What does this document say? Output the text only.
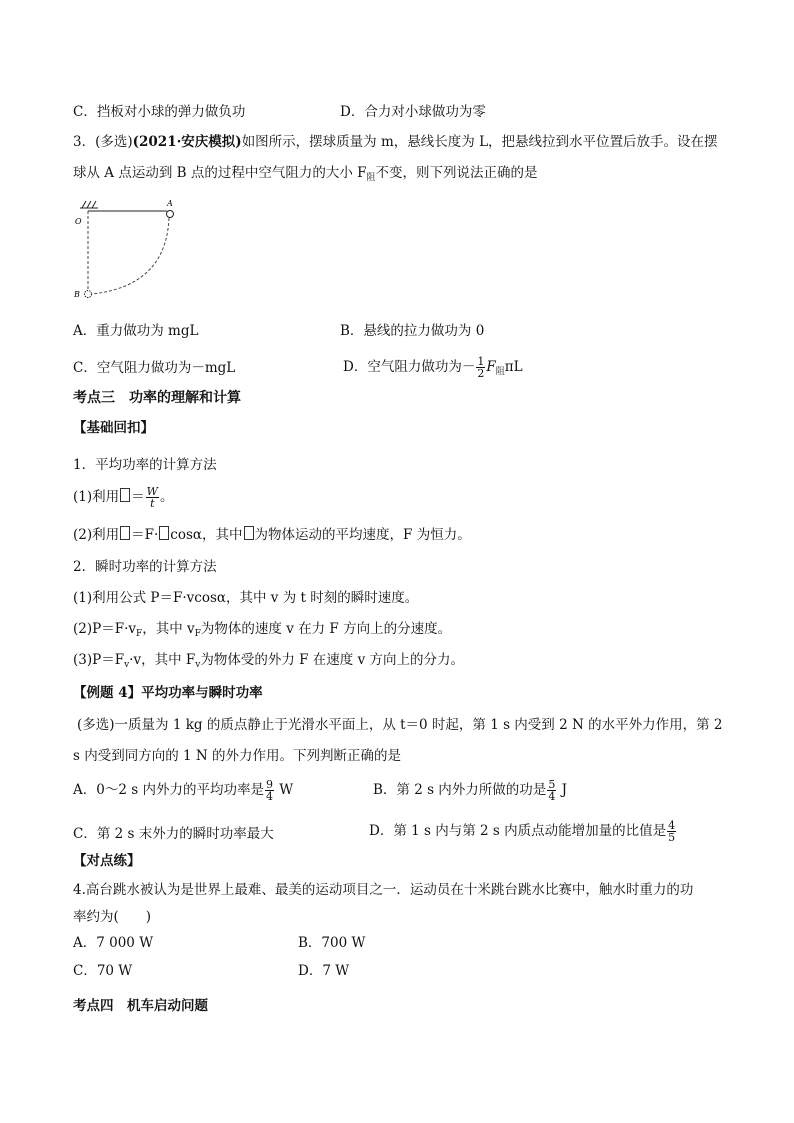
C．挡板对小球的弹力做负功	D．合力对小球做功为零
3．(多选)(2021·安庆模拟)如图所示，摆球质量为 m，悬线长度为 L，把悬线拉到水平位置后放手。设在摆
球从 A 点运动到 B 点的过程中空气阻力的大小 $F_阻$不变，则下列说法正确的是
O
A
B
A．重力做功为 mgL	B．悬线的拉力做功为 0
C．空气阻力做功为－mgL	D．空气阻力做功为－ $\frac{1}{2} F_阻\pi L$
考点三　功率的理解和计算
【基础回扣】
1．平均功率的计算方法
(1)利用 ＝ $\frac{W}{t}$ 。
(2)利用 ＝F· cosα，其中 为物体运动的平均速度，F 为恒力。
2．瞬时功率的计算方法
(1)利用公式 P＝F·vcosα，其中 v 为 t 时刻的瞬时速度。
$(2)P=F\cdot v_F$，其中 $v_F$为物体的速度 v 在力 F 方向上的分速度。
$(3)P=F_v\cdot v$，其中 $F_v$为物体受的外力 F 在速度 v 方向上的分力。
【例题 4】平均功率与瞬时功率
(多选)一质量为 1 kg 的质点静止于光滑水平面上，从 t＝0 时起，第 1 s 内受到 2 N 的水平外力作用，第 2
s 内受到同方向的 1 N 的外力作用。下列判断正确的是
A．0～2 s 内外力的平均功率是 $\frac{9}{4}$ W	B．第 2 s 内外力所做的功是 $\frac{5}{4}$ J
C．第 2 s 末外力的瞬时功率最大	D．第 1 s 内与第 2 s 内质点动能增加量的比值是 $\frac{4}{5}$
【对点练】
4.高台跳水被认为是世界上最难、最美的运动项目之一．运动员在十米跳台跳水比赛中，触水时重力的功
率约为(　　)
A．7 000 W	B．700 W
C．70 W	D．7 W
考点四　机车启动问题
